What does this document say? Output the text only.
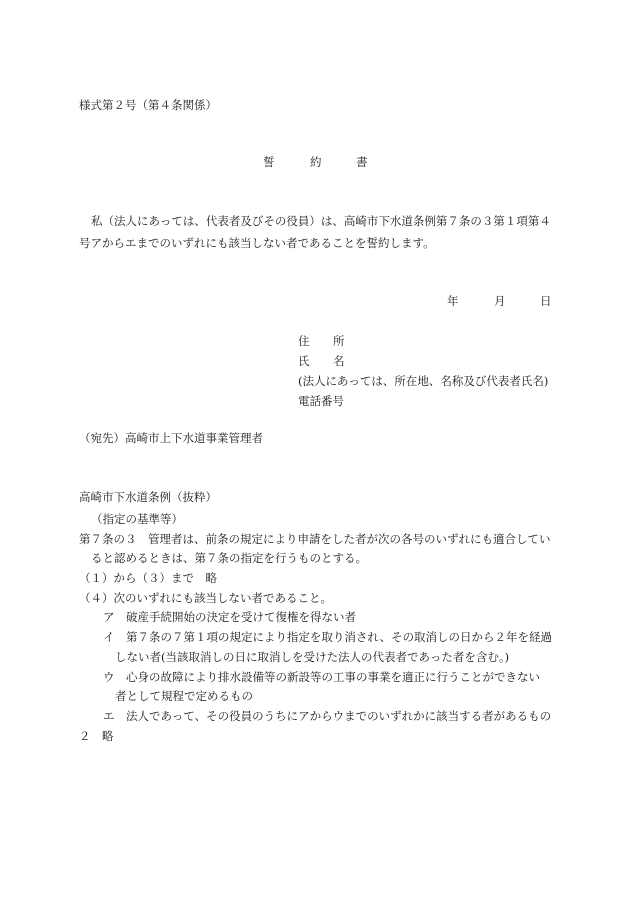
様式第２号（第４条関係）
誓	約	書
私（法人にあっては、代表者及びその役員）は、高崎市下水道条例第７条の３第１項第４
号アからエまでのいずれにも該当しない者であることを誓約します。
年	月	日
住 所
氏 名
(法人にあっては、所在地、名称及び代表者氏名)
電話番号
（宛先）高崎市上下水道事業管理者
高崎市下水道条例（抜粋）
（指定の基準等）
第７条の３　管理者は、前条の規定により申請をした者が次の各号のいずれにも適合してい
ると認めるときは、第７条の指定を行うものとする。
（１）から（３）まで　略
（４）次のいずれにも該当しない者であること。
ア　破産手続開始の決定を受けて復権を得ない者
イ　第７条の７第１項の規定により指定を取り消され、その取消しの日から２年を経過
しない者(当該取消しの日に取消しを受けた法人の代表者であった者を含む。)
ウ　心身の故障により排水設備等の新設等の工事の事業を適正に行うことができない
者として規程で定めるもの
エ　法人であって、その役員のうちにアからウまでのいずれかに該当する者があるもの
２　略
